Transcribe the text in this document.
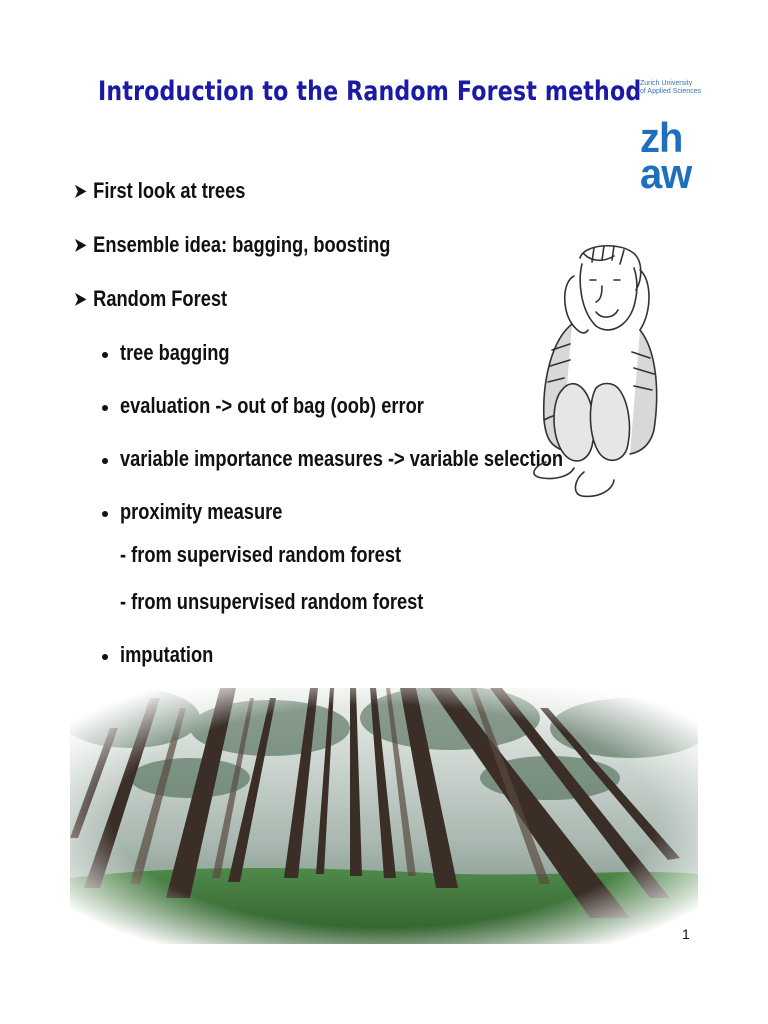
Introduction to the Random Forest method
Zurich University
of Applied Sciences
zh
aw
➤ First look at trees
➤ Ensemble idea: bagging, boosting
➤ Random Forest
tree bagging
evaluation -> out of bag (oob) error
variable importance measures -> variable selection
proximity measure
- from supervised random forest
- from unsupervised random forest
imputation
1
